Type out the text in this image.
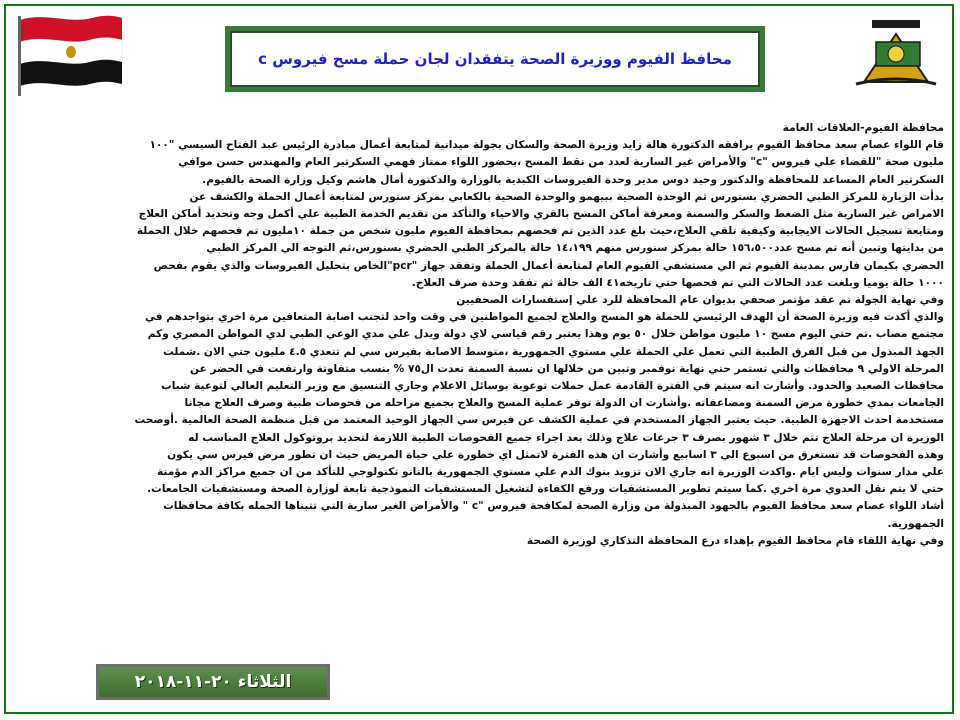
محافظ الفيوم ووزيرة الصحة يتفقدان لجان حملة مسح فيروس c
محافظة الفيوم-العلاقات العامة
قام اللواء عصام سعد محافظ الفيوم يرافقه الدكتورة هالة زايد وزيرة الصحة والسكان بجولة ميدانية لمتابعة أعمال مبادرة الرئيس عبد الفتاح السيسي "١٠٠
مليون صحة "للقضاء علي فيروس "c" والأمراض غير السارية لعدد من نقط المسح ،بحضور اللواء ممتاز فهمي السكرتير العام والمهندس حسن موافي
السكرتير العام المساعد للمحافظة والدكتور وحيد دوس مدير وحدة الفيروسات الكبدية بالوزارة والدكتورة أمال هاشم وكيل وزارة الصحة بالفيوم.
بدأت الزيارة للمركز الطبي الحضري بسنورس ثم الوحدة الصحية ببيهمو والوحدة الصحية بالكعابي بمركز سنورس لمتابعة أعمال الحملة والكشف عن
الامراض غير السارية مثل الضغط والسكر والسمنة ومعرفة أماكن المسح بالقري والاحياء والتأكد من تقديم الخدمة الطبية علي أكمل وجه وتحديد أماكن العلاج
ومتابعة تسجيل الحالات الايجابية وكيفية تلقي العلاج،حيث بلغ عدد الذين تم فحصهم بمحافظة الفيوم مليون شخص من جملة ١٠مليون تم فحصهم خلال الحملة
من بدايتها وتبين أنه تم مسح عدد١٥٦،٥٠٠ حالة بمركز سنورس منهم ١٤،١٩٩ حالة بالمركز الطبي الحضري بسنورس،ثم التوجه الي المركز الطبي
الحضري بكيمان فارس بمدينة الفيوم ثم الي مستشفي الفيوم العام لمتابعة أعمال الحملة وتفقد جهاز "pcr"الخاص بتحليل الفيروسات والذي يقوم بفحص
١٠٠٠ حالة يوميا وبلغت عدد الحالات التي تم فحصها حتي تاريخه٤١ الف حالة ثم تفقد وحدة صرف العلاج.
وفي نهاية الجولة تم عقد مؤتمر صحفي بديوان عام المحافظة للرد علي إستفسارات الصحفيين
والذي أكدت فيه وزيرة الصحة أن الهدف الرئيسي للحملة هو المسح والعلاج لجميع المواطنين في وقت واحد لتجنب اصابة المتعافين مرة اخري بتواجدهم في
مجتمع مصاب .تم حتي اليوم مسح ١٠ مليون مواطن خلال ٥٠ يوم وهذا يعتبر رقم قياسي لاي دولة ويدل علي مدي الوعي الطبي لدي المواطن المصري وكم
الجهد المبذول من قبل الفرق الطبية التي تعمل علي الحملة علي مستوي الجمهورية ،متوسط الاصابة بفيرس سي لم تتعدي ٤.٥ مليون حتي الان .شملت
المرحلة الاولي ٩ محافظات والتي تستمر حتي نهاية نوفمبر وتبين من خلالها ان نسبة السمنة تعدت ال٧٥ % بنسب متفاوتة وارتفعت في الحضر عن
محافظات الصعيد والحدود. وأشارت انه سيتم في الفترة القادمة عمل حملات توعوية بوسائل الاعلام وجاري التنسيق مع وزير التعليم العالي لتوعية شباب
الجامعات بمدي خطورة مرض السمنة ومضاعفاته .وأشارت ان الدولة توفر عملية المسح والعلاج بجميع مراحله من فحوصات طبية وصرف العلاج مجانا
مستخدمة احدث الاجهزة الطبية. حيث يعتبر الجهاز المستخدم في عملية الكشف عن فيرس سي الجهاز الوحيد المعتمد من قبل منظمة الصحة العالمية .أوضحت
الوزيرة ان مرحلة العلاج تتم خلال ٣ شهور بصرف ٣ جرعات علاج وذلك بعد اجراء جميع الفحوصات الطبية اللازمة لتحديد بروتوكول العلاج المناسب له
وهذه الفحوصات قد تستغرق من اسبوع الي ٣ اسابيع وأشارت ان هذه الفترة لاتمثل اي خطورة علي حياة المريض حيث ان تطور مرض فيرس سي يكون
علي مدار سنوات وليس ايام .واكدت الوزيرة انه جاري الان تزويد بنوك الدم علي مستوي الجمهورية بالنانو تكنولوجي للتأكد من ان جميع مراكز الدم مؤمنة
حتي لا يتم نقل العدوي مرة اخري .كما سيتم تطوير المستشفيات ورفع الكفاءة لتشغيل المستشفيات النموذجية تابعة لوزارة الصحة ومستشفيات الجامعات.
أشاد اللواء عصام سعد محافظ الفيوم بالجهود المبذولة من وزارة الصحة لمكافحة فيروس "c " والأمراض الغير سارية التي تتبناها الحمله بكافة محافظات
الجمهورية.
وفي نهاية اللقاء قام محافظ الفيوم بإهداء درع المحافظة التذكاري لوزيرة الصحة
الثلاثاء ٢٠-١١-٢٠١٨
